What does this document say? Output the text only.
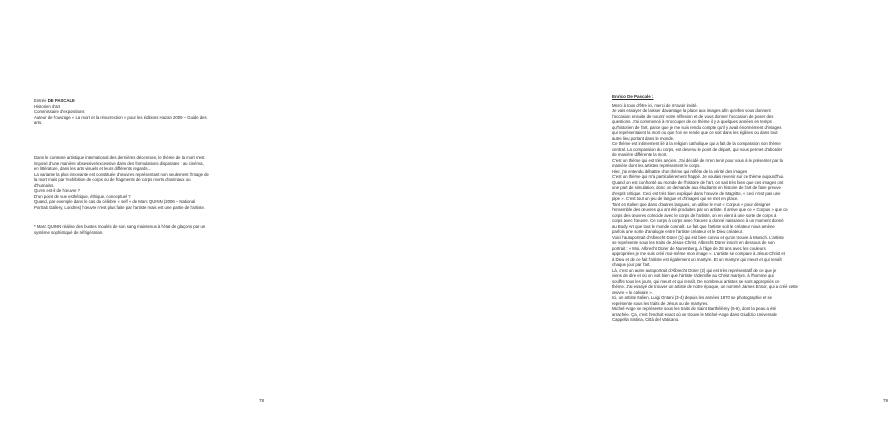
Entrée DE PASCALE

Historien d'art

Commissaire d'expositions

Auteur de l'ouvrage « La mort et la résurrection » pour les éditions Hazan 2009 – Guide des

arts.

Dans le contexte artistique international des dernières décennies, le thème de la mort s'est

imposé d'une manière obsessive/excessive dans des formulations disparates : au cinéma,

en littérature, dans les arts visuels et leurs différents regards...

La variante la plus innovante est constituée d'œuvres représentant non seulement l'image de

la mort mais par l'exhibition de corps ou de fragments de corps morts d'animaux ou

d'humains.

Qu'en est-il de l'œuvre ?

D'un point de vue esthétique, éthique, conceptuel ?

Quand, par exemple dans le cas du célèbre « self » de Marc QUINN (2006 – National

Portrait Gallery, Londres) l'œuvre n'est plus faite par l'artiste mais est une partie de l'artiste.

* Marc QUINN réalise des bustes moulés de son sang maintenus à l'état de glaçons par un

système sophistiqué de réfrigération.

78

Enrico De Pascale :

Merci à tous d'être ici, merci de m'avoir invité.

Je vais essayer de laisser davantage la place aux images afin qu'elles vous donnent

l'occasion ensuite de nourrir votre réflexion et de vous donner l'occasion de poser des

questions. J'ai commencé à m'occuper de ce thème il y a quelques années en temps

qu'historien de l'art, parce que je me suis rendu compte qu'il y avait énormément d'images

qui représentaient la mort ou que l'on se rende que ce soit dans les églises ou dans tout

autre lieu portant dans le monde.

Ce thème est intimement lié à la religion catholique qui a fait de la compassion son thème

central. La compassion du corps, est devenu le point de départ, qui nous permet d'aborder

de manière différente la mort.

C'est un thème qui est très ancien. J'ai décidé de m'en tenir pour vous à le présenter par la

manière dont les artistes représentent le corps.

Hier, j'ai entendu débattre d'un thème qui reflète de la vérité des images

C'est un thème qui m'a particulièrement frappé. Je voulais revenir sur ce thème aujourd'hui.

Quand on est confronté au monde de l'histoire de l'art, on sait très bien que ces images ont

une part de simulation, donc on demande aux étudiants en histoire de l'art de faire preuve

d'esprit critique. Ceci est très bien expliqué dans l'œuvre de Magritte, « ceci n'est pas une

pipe ». C'est tout un jeu de langue et d'images qui se met en place.

Tant en Italien que dans d'autres langues, on utilise le mot « Corpus » pour désigner

l'ensemble des œuvres qui ont été produites par un artiste. Il arrive que ce « Corpus » que ce

corps des œuvres coïncide avec le corps de l'artiste, on en vient à une sorte de corps à

corps avec l'œuvre. Ce corps à corps avec l'œuvre a donné naissance à un moment donné

au Body Art que tout le monde connaît. Le fait que l'artiste soit le créateur nous amène

parfois une sorte d'analogie entre l'artiste créateur et le Dieu créateur.

Voici l'autoportrait d'Albrecht Dürer (1) qui est bien connu et qu'on trouve à Munich. L'artiste

se représente sous les traits de Jésus-Christ. Albrecht Dürer inscrit en dessous de son

portrait : « Moi, Albrecht Dürer de Nuremberg, à l'âge de 28 ans avec les couleurs

appropriées je me suis créé moi-même mon image ». L'artiste se compare à Jésus-Christ et

à Dieu et de ce fait l'artiste est également un martyre. Et un martyre qui meurt et qui renaît

chaque jour par l'art.

Là, c'est un autre autoportrait d'Albrecht Dürer (2) qui est très représentatif de ce que je

viens de dire et où on voit bien que l'artiste s'identifie au Christ martyre, à l'homme qui

souffre tous les jours, qui meurt et qui renaît. De nombreux artistes se sont appropriés ce

thème. J'ai essayé de trouver un artiste de notre époque, un nommé James Ensor, qui a créé cette

œuvre « le calvaire ».

Ici, un artiste Italien, Luigi Ontani (3-4) depuis les années 1970 se photographie et se

représente sous les traits de Jésus ou de martyres.

Michel-Ange se représente sous les traits de Saint Barthélémy (5-6), dont la peau a été

arrachée. Ça, c'est l'endroit exact où se trouve le Michel-Ange dans Giudizio Universale

Cappella Sistina, Città del Vaticano.

79
